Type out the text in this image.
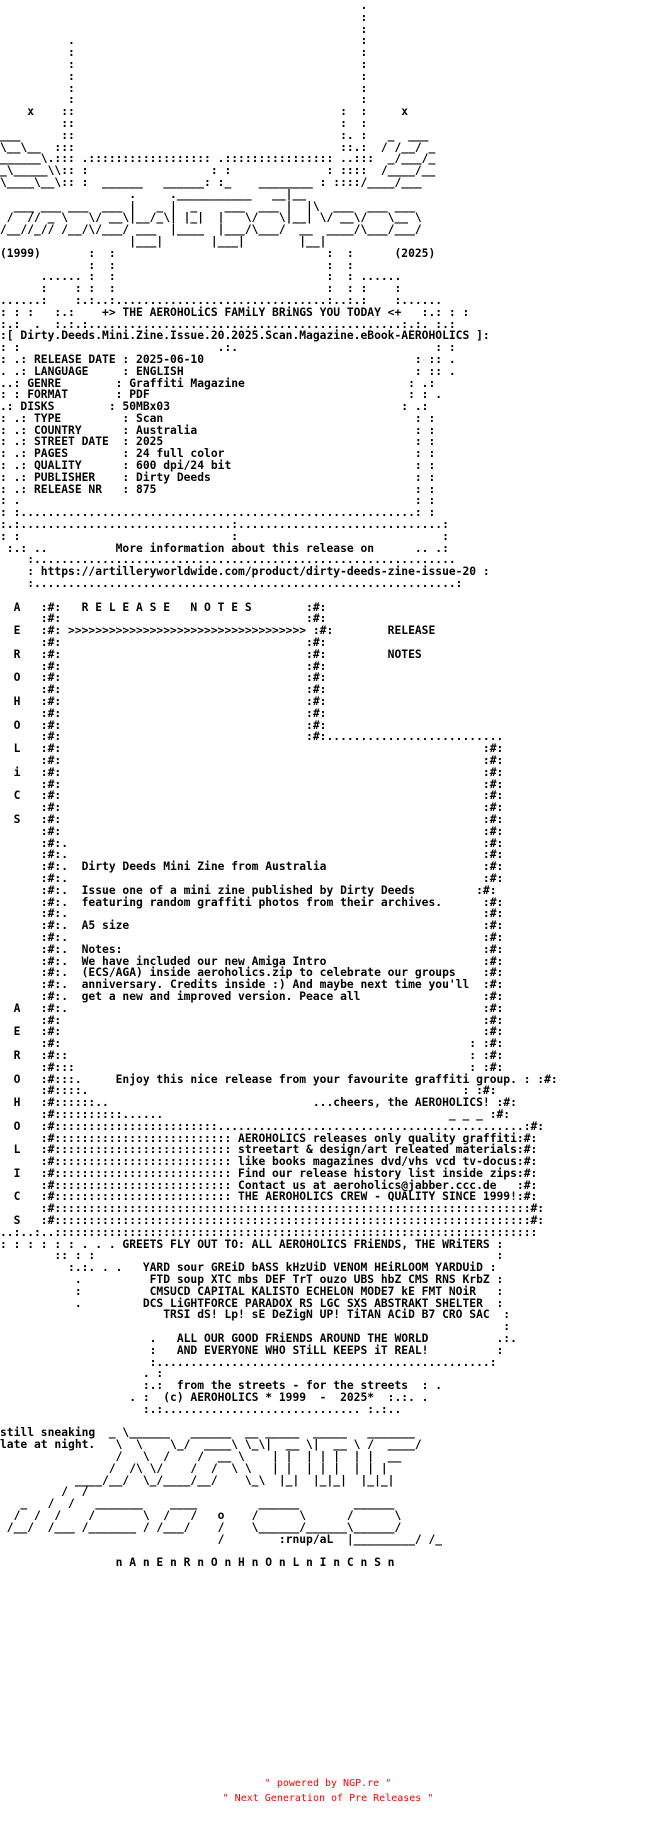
.
:
:
.                                          :
:                                          :
:                                          :
:                                          :
:                                          :
:                                          :
x    ::                                       :  :     x
::                                       :  :
___      ::                                       :. :   _  ___
\__\__  :::                                       ::.:  / /__/ _
______\.::: .:::::::::::::::::: .:::::::::::::::: ..:::  _/___/_
_\_____\\:: :                  : :              : ::::  /____/__
\____\__\:: :  ______   ______: :_    ________ : ::::/____/___
.     .___________   __|__
___ ___ ___  ___ |   _ |  _    ___  ___ |  |\  ___  ___ ___
/  // _ \   \/ __\|__/_\| |_|  |   \/   \|__| \/ __\/   \__ \
/__//_// /__/\/___/ ___  |____  |___/\___/  __  ____/\___/___/
|___|       |___|        |__|
(1999)       :  :                               :  :      (2025)
:  :                               :  :
...... :  :                               :  : ......
:    : :  :                               :  : :    :
......:    :.:..:...............................:..:.:    :......
: : :   :.:    +> THE AEROHOLiCS FAMiLY BRiNGS YOU TODAY <+   :.: : :
:.:  .  :.:.:..............................................:.:. :.:
:[ Dirty.Deeds.Mini.Zine.Issue.20.2025.Scan.Magazine.eBook-AEROHOLICS ]:
: :                             .:.                             : :
: .: RELEASE DATE : 2025-06-10                               : :: .
. .: LANGUAGE     : ENGLISH                                  : :: .
..: GENRE        : Graffiti Magazine                        : .:
: : FORMAT       : PDF                                      : : .
.: DISKS        : 50MBx03                                  : .:
: .: TYPE         : Scan                                     : :
: .: COUNTRY      : Australia                                : :
: .: STREET DATE  : 2025                                     : :
: .: PAGES        : 24 full color                            : :
: .: QUALITY      : 600 dpi/24 bit                           : :
: .: PUBLISHER    : Dirty Deeds                              : :
: .: RELEASE NR   : 875                                      : :
: .                                                          : :
: :..........................................................: :
:.:...............................:..............................:
: :                               :                              :
:.: ..          More information about this release on      .. .:
:..............................................................
: https://artilleryworldwide.com/product/dirty-deeds-zine-issue-20 :
:..............................................................:

A   :#:   R E L E A S E   N O T E S        :#:
:#:                                    :#:
E   :#: >>>>>>>>>>>>>>>>>>>>>>>>>>>>>>>>>>> :#:        RELEASE
:#:                                    :#:
R   :#:                                    :#:         NOTES
:#:                                    :#:
O   :#:                                    :#:
:#:                                    :#:
H   :#:                                    :#:
:#:                                    :#:
O   :#:                                    :#:
:#:                                    :#:..........................
L   :#:                                                              :#:
:#:                                                              :#:
i   :#:                                                              :#:
:#:                                                              :#:
C   :#:                                                              :#:
:#:                                                              :#:
S   :#:                                                              :#:
:#:                                                              :#:
:#:.                                                             :#:
:#:.                                                             :#:
:#:.  Dirty Deeds Mini Zine from Australia                       :#:
:#:.                                                             :#:
:#:.  Issue one of a mini zine published by Dirty Deeds         :#:
:#:.  featuring random graffiti photos from their archives.      :#:
:#:.                                                             :#:
:#:.  A5 size                                                    :#:
:#:.                                                             :#:
:#:.  Notes:                                                     :#:
:#:.  We have included our new Amiga Intro                       :#:
:#:.  (ECS/AGA) inside aeroholics.zip to celebrate our groups    :#:
:#:.  anniversary. Credits inside :) And maybe next time you'll  :#:
:#:.  get a new and improved version. Peace all                  :#:
A   :#:.                                                             :#:
:#:                                                              :#:
E   :#:                                                              :#:
:#:                                                            : :#:
R   :#::                                                           : :#:
:#:::                                                          : :#:
O   :#:::.     Enjoy this nice release from your favourite graffiti group. : :#:
:#::::.                                                       : :#:
H   :#::::::..                              ...cheers, the AEROHOLICS! :#:
:#::::::::::......                                          _ _ _ :#:
O   :#::::::::::::::::::::::::.............................................:#:
:#:::::::::::::::::::::::::: AEROHOLICS releases only quality graffiti:#:
L   :#:::::::::::::::::::::::::: streetart & design/art releated materials:#:
:#:::::::::::::::::::::::::: like books magazines dvd/vhs vcd tv-docus:#:
I   :#:::::::::::::::::::::::::: Find our release history list inside zips:#:
:#:::::::::::::::::::::::::: Contact us at aeroholics@jabber.ccc.de   :#:
C   :#:::::::::::::::::::::::::: THE AEROHOLICS CREW - QUALITY SINCE 1999!:#:
:#::::::::::::::::::::::::::::::::::::::::::::::::::::::::::::::::::::::#:
S   :#::::::::::::::::::::::::::::::::::::::::::::::::::::::::::::::::::::::#:
..:..:..:::::::::::::::::::::::::::::::::::::::::::::::::::::::::::::::::::::::
: : : : : : . . . GREETS FLY OUT TO: ALL AEROHOLICS FRiENDS, THE WRiTERS :
:: : :                                                           :
:.:. . .   YARD sour GREiD bASS kHzUiD VENOM HEiRLOOM YARDUiD :
.          FTD soup XTC mbs DEF TrT ouzo UBS hbZ CMS RNS KrbZ :
:          CMSUCD CAPITAL KALISTO ECHELON MODE7 kE FMT NOiR   :
.         DCS LiGHTFORCE PARADOX RS LGC SXS ABSTRAKT SHELTER  :
TRSI dS! Lp! sE DeZigN UP! TiTAN ACiD B7 CRO SAC  :
:
.   ALL OUR GOOD FRiENDS AROUND THE WORLD          .:.
:   AND EVERYONE WHO STiLL KEEPS iT REAL!          :
:.................................................:
. :
:.:  from the streets - for the streets  : .
. :  (c) AEROHOLICS * 1999  -  2025*  :.:. .
:.:............................. :.:..

still sneaking  _ \______   ______  __ _____  _____   _______
late at night.   \  \    \_/  ____\ \_\|  __ \|  __ \ /  ____/
/   \  /    /  __ \    | |  | | |  | |  __
/  /\ \/    /  /  \ \   | |  | | |  | | |
____/__/  \_/____/__/    \_\  |_|  |_|_|  |_|_|
/  /
_   /  /   _______    ____         ______        ______
/  /  /    /       \  /   /   o    /      \      /      \
/__/  /___ /_______ / /___/    /    \______/______\______/
/        :rnup/aL  |_________/ /_

n A n E n R n O n H n O n L n I n C n S n

" powered by NGP.re "
" Next Generation of Pre Releases "
